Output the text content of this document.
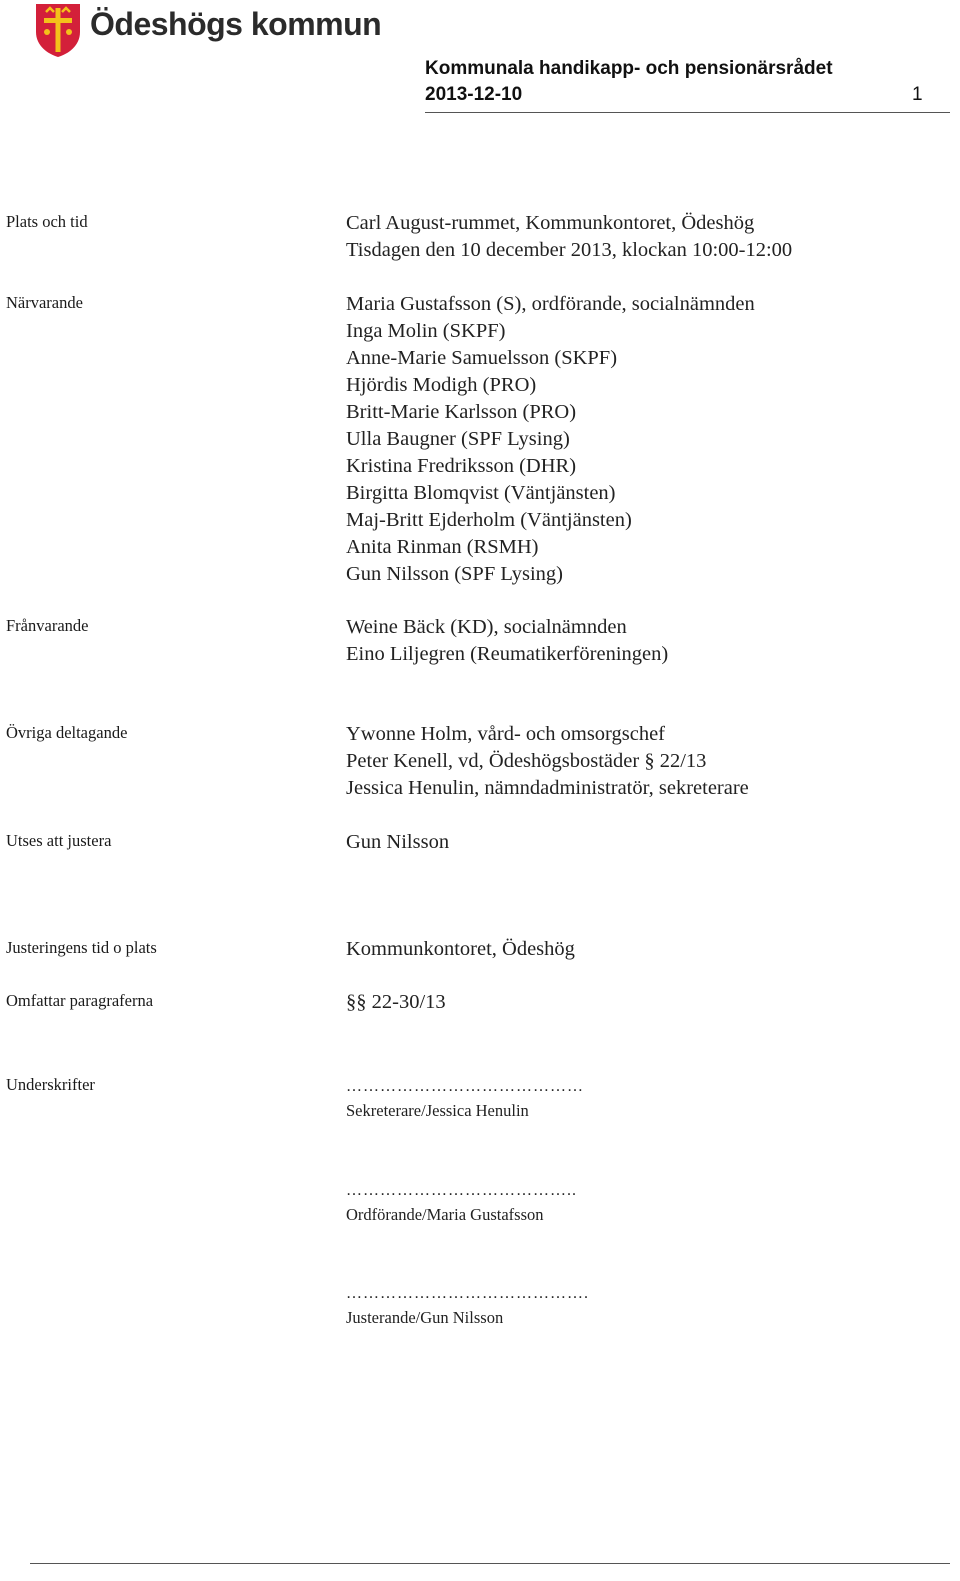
Ödeshögs kommun
Kommunala handikapp- och pensionärsrådet
2013-12-10	1
Plats och tid	Carl August-rummet, Kommunkontoret, Ödeshög
Tisdagen den 10 december 2013, klockan 10:00-12:00
Närvarande	Maria Gustafsson (S), ordförande, socialnämnden
Inga Molin (SKPF)
Anne-Marie Samuelsson (SKPF)
Hjördis Modigh (PRO)
Britt-Marie Karlsson (PRO)
Ulla Baugner (SPF Lysing)
Kristina Fredriksson (DHR)
Birgitta Blomqvist (Väntjänsten)
Maj-Britt Ejderholm (Väntjänsten)
Anita Rinman (RSMH)
Gun Nilsson (SPF Lysing)
Frånvarande	Weine Bäck (KD), socialnämnden
Eino Liljegren (Reumatikerföreningen)
Övriga deltagande	Ywonne Holm, vård- och omsorgschef
Peter Kenell, vd, Ödeshögsbostäder § 22/13
Jessica Henulin, nämndadministratör, sekreterare
Utses att justera	Gun Nilsson
Justeringens tid o plats	Kommunkontoret, Ödeshög
Omfattar paragraferna	§§ 22-30/13
Underskrifter	……………………………………
Sekreterare/Jessica Henulin
…………………………………..
Ordförande/Maria Gustafsson
…………………………………….
Justerande/Gun Nilsson
